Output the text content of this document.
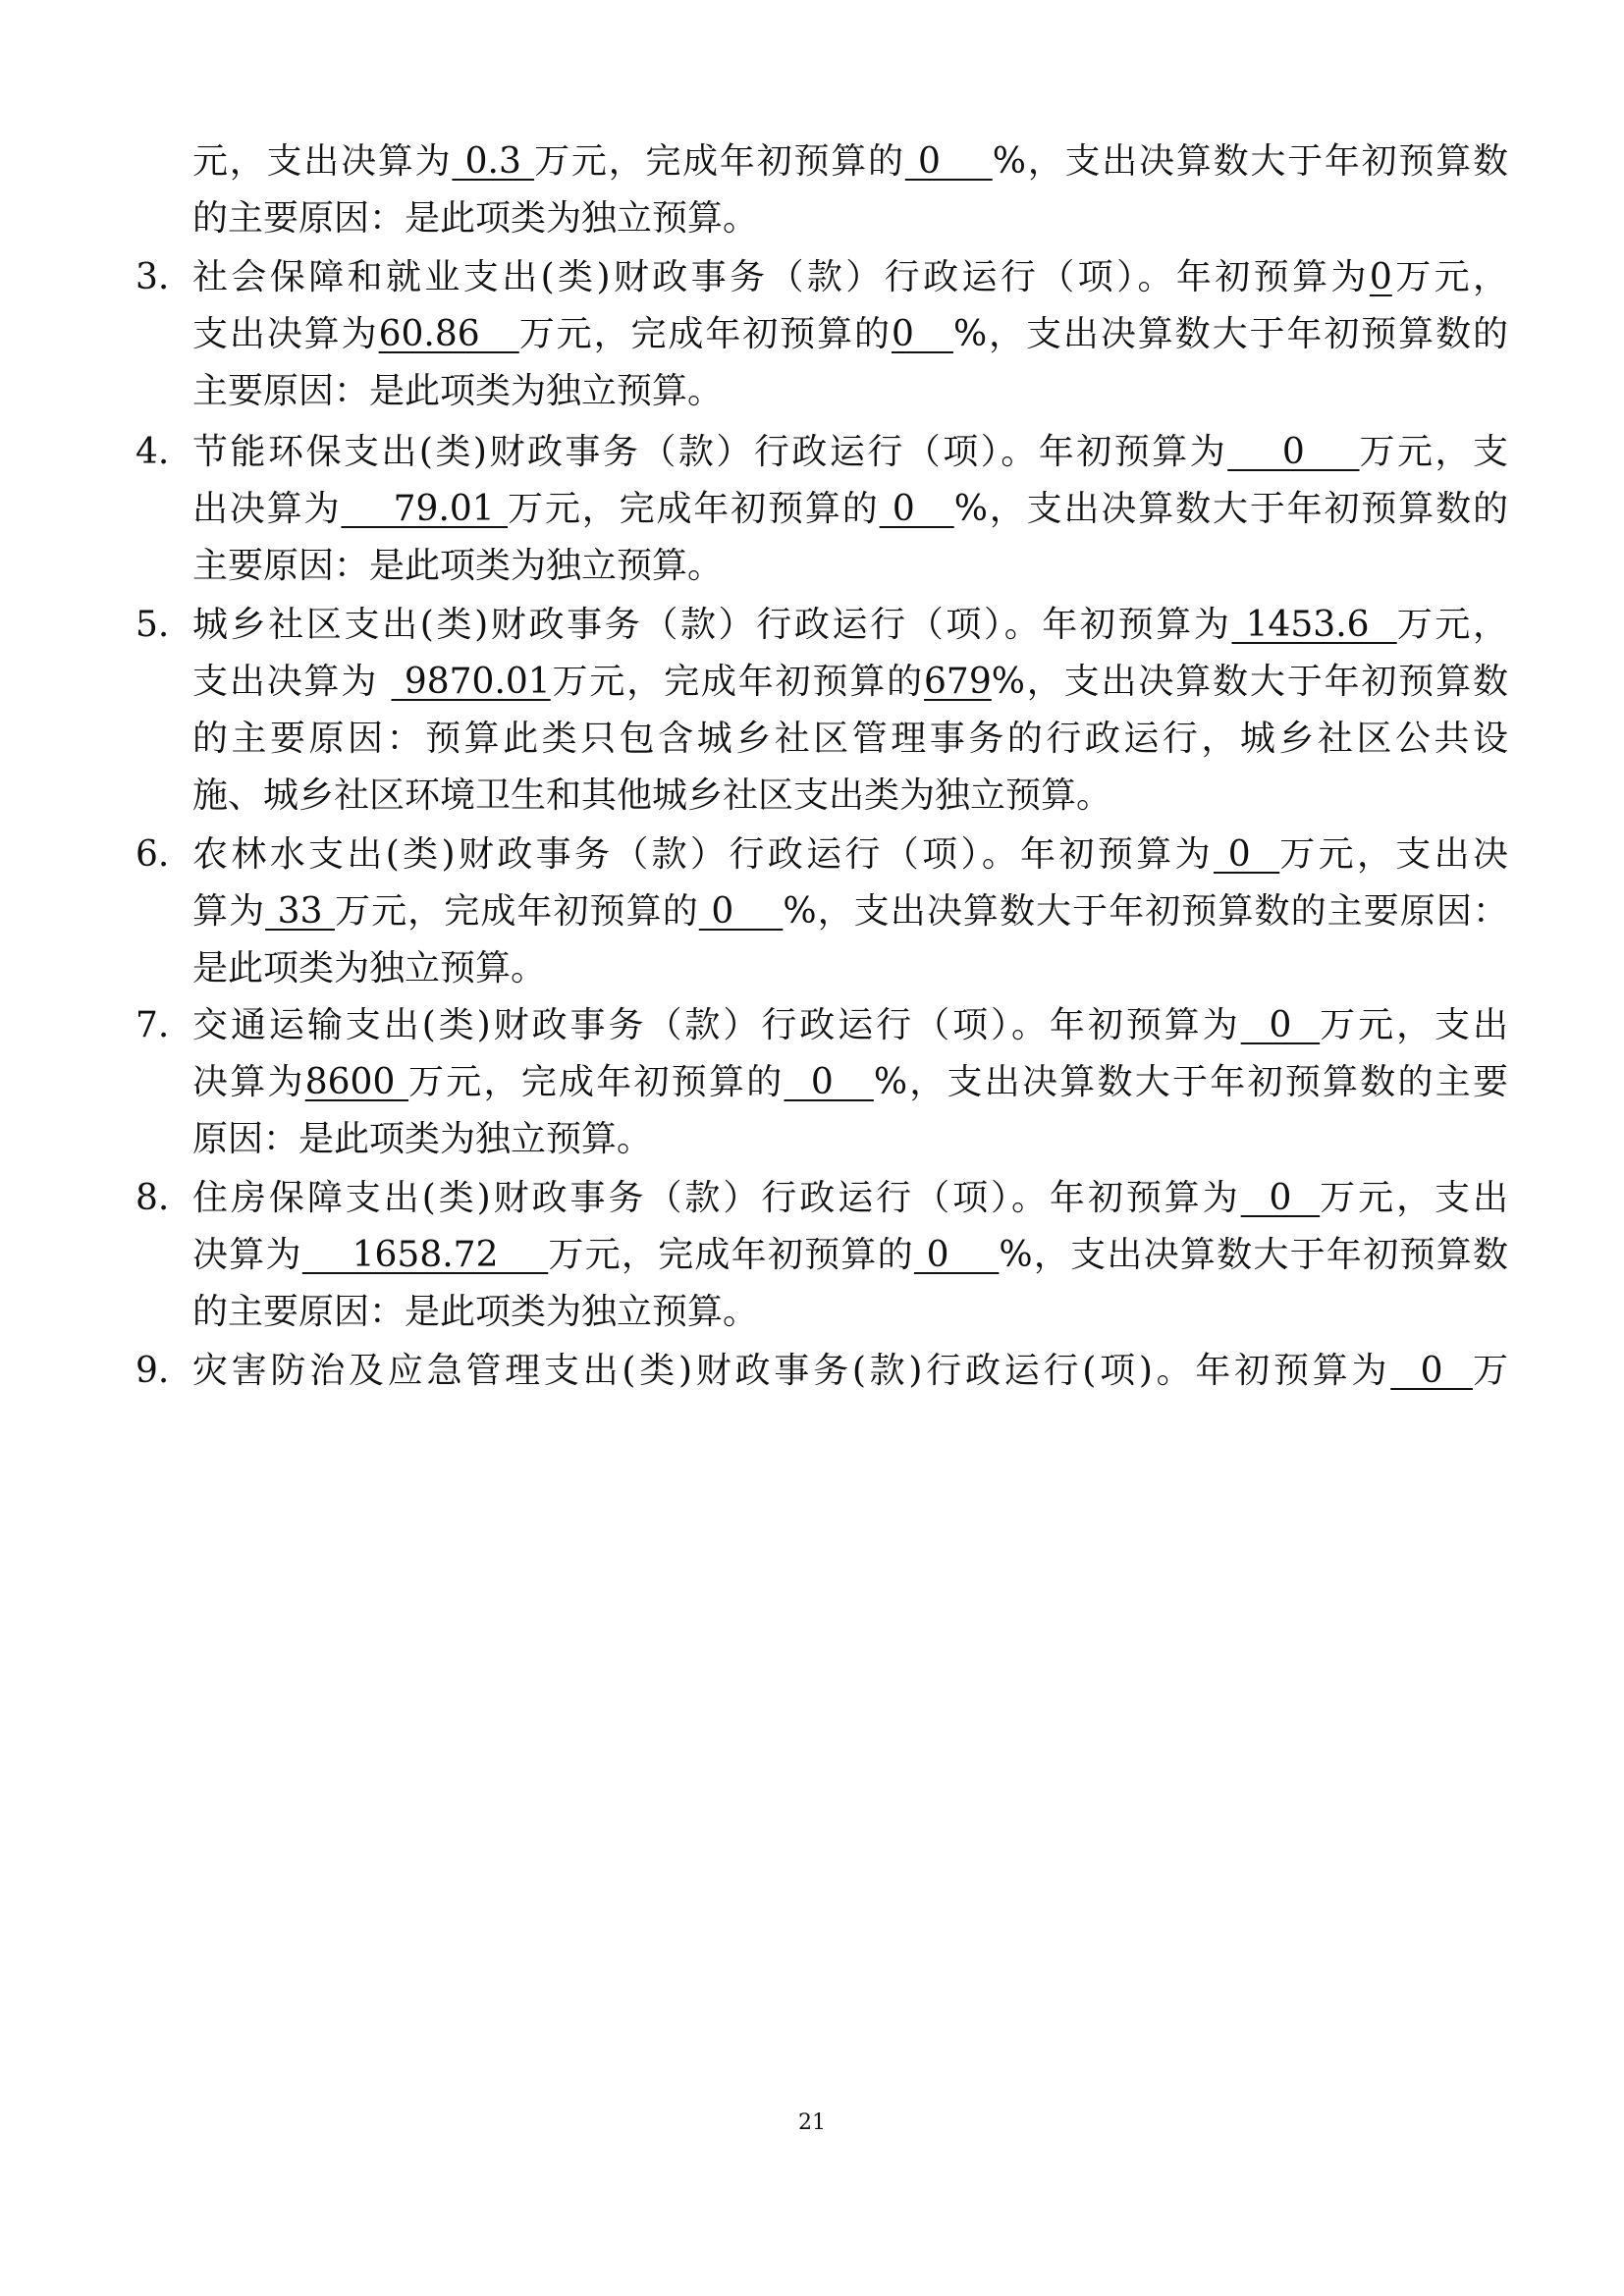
元，支出决算为 0.3 万元，完成年初预算的 0    %，支出决算数大于年初预算数
的主要原因：是此项类为独立预算。
3. 社会保障和就业支出(类)财政事务（款）行政运行（项）。年初预算为0万元，
支出决算为60.86   万元，完成年初预算的0   %，支出决算数大于年初预算数的
主要原因：是此项类为独立预算。
4. 节能环保支出(类)财政事务（款）行政运行（项）。年初预算为    0    万元，支
出决算为    79.01 万元，完成年初预算的 0   %，支出决算数大于年初预算数的
主要原因：是此项类为独立预算。
5. 城乡社区支出(类)财政事务（款）行政运行（项）。年初预算为 1453.6  万元，
支出决算为  9870.01万元，完成年初预算的679%，支出决算数大于年初预算数
的主要原因：预算此类只包含城乡社区管理事务的行政运行，城乡社区公共设
施、城乡社区环境卫生和其他城乡社区支出类为独立预算。
6. 农林水支出(类)财政事务（款）行政运行（项）。年初预算为 0  万元，支出决
算为 33 万元，完成年初预算的 0    %，支出决算数大于年初预算数的主要原因：
是此项类为独立预算。
7. 交通运输支出(类)财政事务（款）行政运行（项）。年初预算为  0  万元，支出
决算为8600 万元，完成年初预算的  0   %，支出决算数大于年初预算数的主要
原因：是此项类为独立预算。
8. 住房保障支出(类)财政事务（款）行政运行（项）。年初预算为  0  万元，支出
决算为    1658.72    万元，完成年初预算的 0    %，支出决算数大于年初预算数
的主要原因：是此项类为独立预算。
9. 灾害防治及应急管理支出(类)财政事务(款)行政运行(项)。年初预算为  0  万
21
